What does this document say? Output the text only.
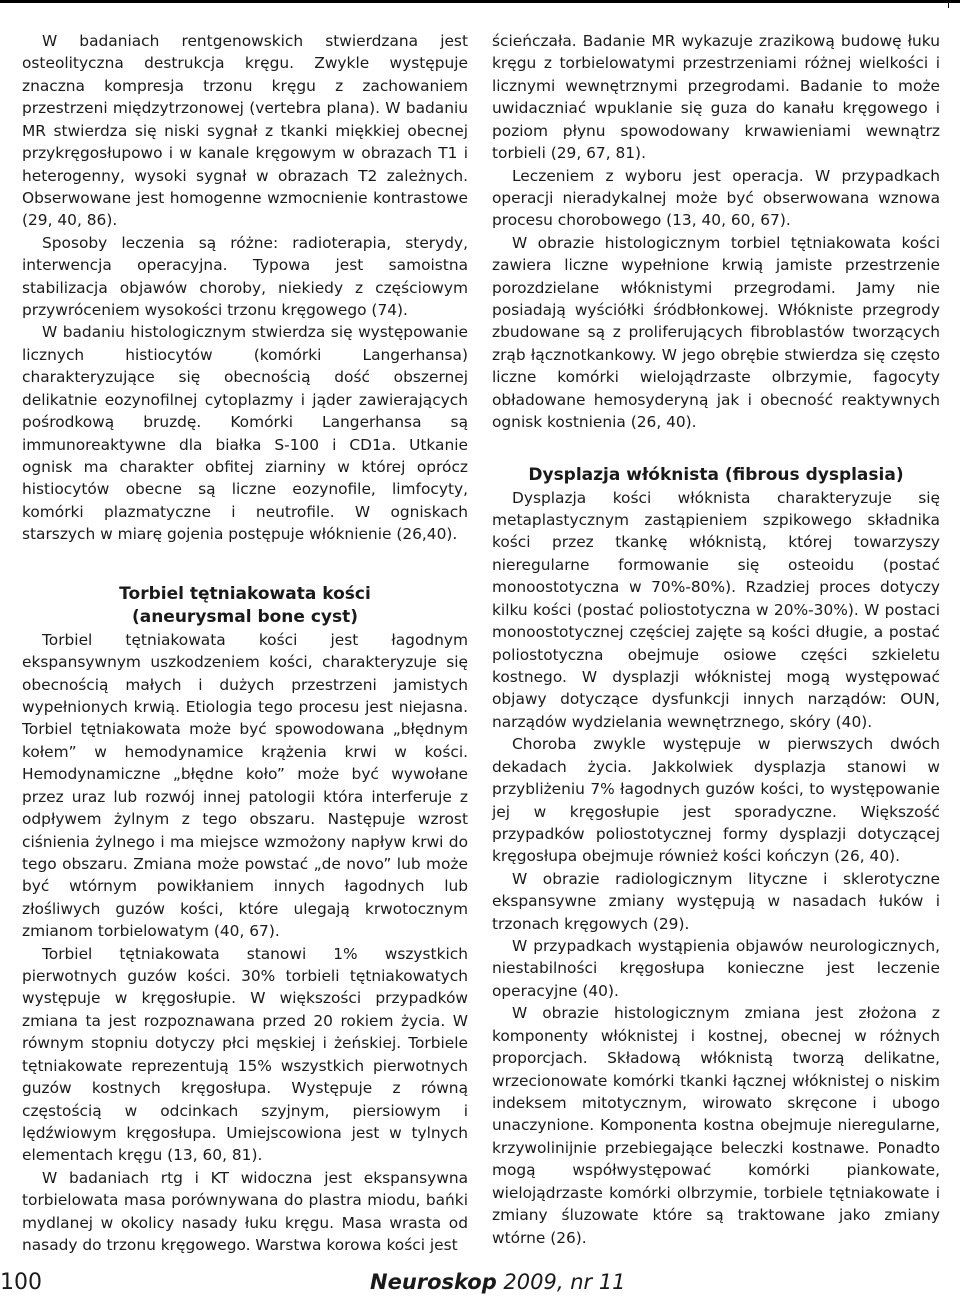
W badaniach rentgenowskich stwierdzana jest osteolityczna destrukcja kręgu. Zwykle występuje znaczna kompresja trzonu kręgu z zachowaniem przestrzeni międzytrzonowej (vertebra plana). W badaniu MR stwierdza się niski sygnał z tkanki miękkiej obecnej przykręgosłupowo i w kanale kręgowym w obrazach T1 i heterogenny, wysoki sygnał w obrazach T2 zależnych. Obserwowane jest homogenne wzmocnienie kontrastowe (29, 40, 86).

Sposoby leczenia są różne: radioterapia, sterydy, interwencja operacyjna. Typowa jest samoistna stabilizacja objawów choroby, niekiedy z częściowym przywróceniem wysokości trzonu kręgowego (74).

W badaniu histologicznym stwierdza się występowanie licznych histiocytów (komórki Langerhansa) charakteryzujące się obecnością dość obszernej delikatnie eozynofilnej cytoplazmy i jąder zawierających pośrodkową bruzdę. Komórki Langerhansa są immunoreaktywne dla białka S-100 i CD1a. Utkanie ognisk ma charakter obfitej ziarniny w której oprócz histiocytów obecne są liczne eozynofile, limfocyty, komórki plazmatyczne i neutrofile. W ogniskach starszych w miarę gojenia postępuje włóknienie (26,40).

Torbiel tętniakowata kości
(aneurysmal bone cyst)

Torbiel tętniakowata kości jest łagodnym ekspansywnym uszkodzeniem kości, charakteryzuje się obecnością małych i dużych przestrzeni jamistych wypełnionych krwią. Etiologia tego procesu jest niejasna. Torbiel tętniakowata może być spowodowana „błędnym kołem” w hemodynamice krążenia krwi w kości. Hemodynamiczne „błędne koło” może być wywołane przez uraz lub rozwój innej patologii która interferuje z odpływem żylnym z tego obszaru. Następuje wzrost ciśnienia żylnego i ma miejsce wzmożony napływ krwi do tego obszaru. Zmiana może powstać „de novo” lub może być wtórnym powikłaniem innych łagodnych lub złośliwych guzów kości, które ulegają krwotocznym zmianom torbielowatym (40, 67).

Torbiel tętniakowata stanowi 1% wszystkich pierwotnych guzów kości. 30% torbieli tętniakowatych występuje w kręgosłupie. W większości przypadków zmiana ta jest rozpoznawana przed 20 rokiem życia. W równym stopniu dotyczy płci męskiej i żeńskiej. Torbiele tętniakowate reprezentują 15% wszystkich pierwotnych guzów kostnych kręgosłupa. Występuje z równą częstością w odcinkach szyjnym, piersiowym i lędźwiowym kręgosłupa. Umiejscowiona jest w tylnych elementach kręgu (13, 60, 81).

W badaniach rtg i KT widoczna jest ekspansywna torbielowata masa porównywana do plastra miodu, bańki mydlanej w okolicy nasady łuku kręgu. Masa wrasta od nasady do trzonu kręgowego. Warstwa korowa kości jest

ścieńczała. Badanie MR wykazuje zrazikową budowę łuku kręgu z torbielowatymi przestrzeniami różnej wielkości i licznymi wewnętrznymi przegrodami. Badanie to może uwidaczniać wpuklanie się guza do kanału kręgowego i poziom płynu spowodowany krwawieniami wewnątrz torbieli (29, 67, 81).

Leczeniem z wyboru jest operacja. W przypadkach operacji nieradykalnej może być obserwowana wznowa procesu chorobowego (13, 40, 60, 67).

W obrazie histologicznym torbiel tętniakowata kości zawiera liczne wypełnione krwią jamiste przestrzenie porozdzielane włóknistymi przegrodami. Jamy nie posiadają wyściółki śródbłonkowej. Włókniste przegrody zbudowane są z proliferujących fibroblastów tworzących zrąb łącznotkankowy. W jego obrębie stwierdza się często liczne komórki wielojądrzaste olbrzymie, fagocyty obładowane hemosyderyną jak i obecność reaktywnych ognisk kostnienia (26, 40).

Dysplazja włóknista (fibrous dysplasia)

Dysplazja kości włóknista charakteryzuje się metaplastycznym zastąpieniem szpikowego składnika kości przez tkankę włóknistą, której towarzyszy nieregularne formowanie się osteoidu (postać monoostotyczna w 70%-80%). Rzadziej proces dotyczy kilku kości (postać poliostotyczna w 20%-30%). W postaci monoostotycznej częściej zajęte są kości długie, a postać poliostotyczna obejmuje osiowe części szkieletu kostnego. W dysplazji włóknistej mogą występować objawy dotyczące dysfunkcji innych narządów: OUN, narządów wydzielania wewnętrznego, skóry (40).

Choroba zwykle występuje w pierwszych dwóch dekadach życia. Jakkolwiek dysplazja stanowi w przybliżeniu 7% łagodnych guzów kości, to występowanie jej w kręgosłupie jest sporadyczne. Większość przypadków poliostotycznej formy dysplazji dotyczącej kręgosłupa obejmuje również kości kończyn (26, 40).

W obrazie radiologicznym lityczne i sklerotyczne ekspansywne zmiany występują w nasadach łuków i trzonach kręgowych (29).

W przypadkach wystąpienia objawów neurologicznych, niestabilności kręgosłupa konieczne jest leczenie operacyjne (40).

W obrazie histologicznym zmiana jest złożona z komponenty włóknistej i kostnej, obecnej w różnych proporcjach. Składową włóknistą tworzą delikatne, wrzecionowate komórki tkanki łącznej włóknistej o niskim indeksem mitotycznym, wirowato skręcone i ubogo unaczynione. Komponenta kostna obejmuje nieregularne, krzywolinijnie przebiegające beleczki kostnawe. Ponadto mogą współwystępować komórki piankowate, wielojądrzaste komórki olbrzymie, torbiele tętniakowate i zmiany śluzowate które są traktowane jako zmiany wtórne (26).

100	Neuroskop 2009, nr 11
